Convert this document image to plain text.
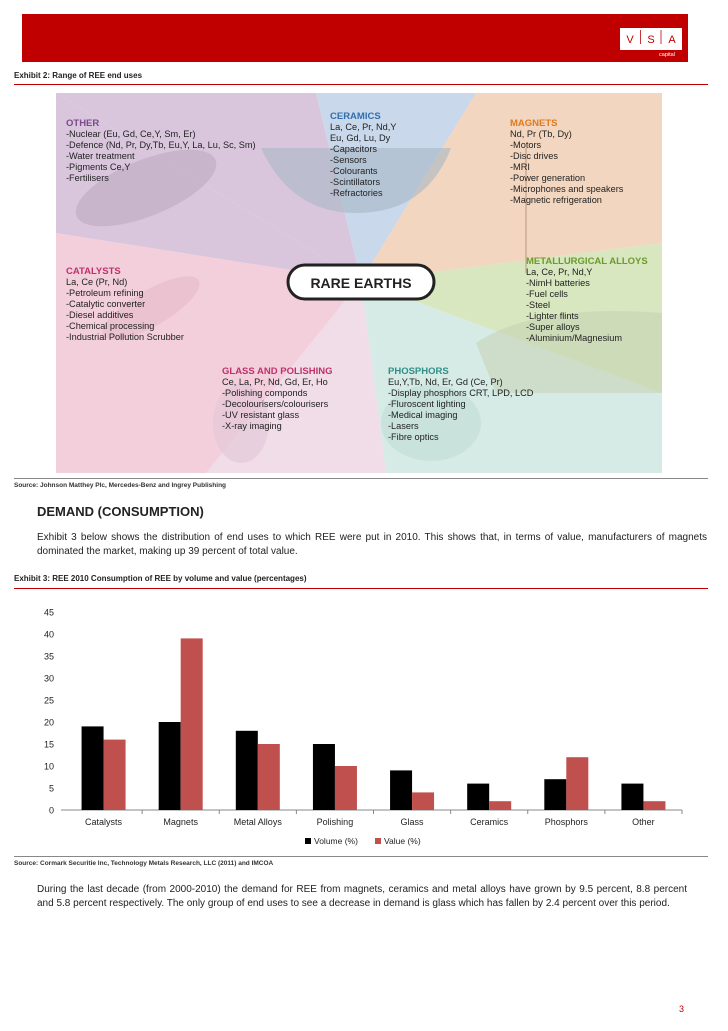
V S A
capital
Exhibit 2: Range of REE end uses
RARE EARTHS
OTHER
-Nuclear (Eu, Gd, Ce,Y, Sm, Er)
-Defence (Nd, Pr, Dy,Tb, Eu,Y, La, Lu, Sc, Sm)
-Water treatment
-Pigments Ce,Y
-Fertilisers
CERAMICS
La, Ce, Pr, Nd,Y
Eu, Gd, Lu, Dy
-Capacitors
-Sensors
-Colourants
-Scintillators
-Refractories
MAGNETS
Nd, Pr (Tb, Dy)
-Motors
-Disc drives
-MRI
-Power generation
-Microphones and speakers
-Magnetic refrigeration
CATALYSTS
La, Ce (Pr, Nd)
-Petroleum refining
-Catalytic converter
-Diesel additives
-Chemical processing
-Industrial Pollution Scrubber
METALLURGICAL ALLOYS
La, Ce, Pr, Nd,Y
-NimH batteries
-Fuel cells
-Steel
-Lighter flints
-Super alloys
-Aluminium/Magnesium
GLASS AND POLISHING
Ce, La, Pr, Nd, Gd, Er, Ho
-Polishing componds
-Decolourisers/colourisers
-UV resistant glass
-X-ray imaging
PHOSPHORS
Eu,Y,Tb, Nd, Er, Gd (Ce, Pr)
-Display phosphors CRT, LPD, LCD
-Fluroscent lighting
-Medical imaging
-Lasers
-Fibre optics
Source: Johnson Matthey Plc, Mercedes-Benz and Ingrey Publishing
DEMAND (CONSUMPTION)

Exhibit 3 below shows the distribution of end uses to which REE were put in 2010. This shows that, in terms of value, manufacturers of magnets dominated the market, making up 39 percent of total value.

Exhibit 3: REE 2010 Consumption of REE by volume and value (percentages)
0
5
10
15
20
25
30
35
40
45
Catalysts	Magnets	Metal Alloys	Polishing	Glass	Ceramics	Phosphors	Other
Volume (%)	Value (%)
Source: Cormark Securitie Inc, Technology Metals Research, LLC (2011) and IMCOA

During the last decade (from 2000-2010) the demand for REE from magnets, ceramics and metal alloys have grown by 9.5 percent, 8.8 percent and 5.8 percent respectively. The only group of end uses to see a decrease in demand is glass which has fallen by 2.4 percent over this period.

3
